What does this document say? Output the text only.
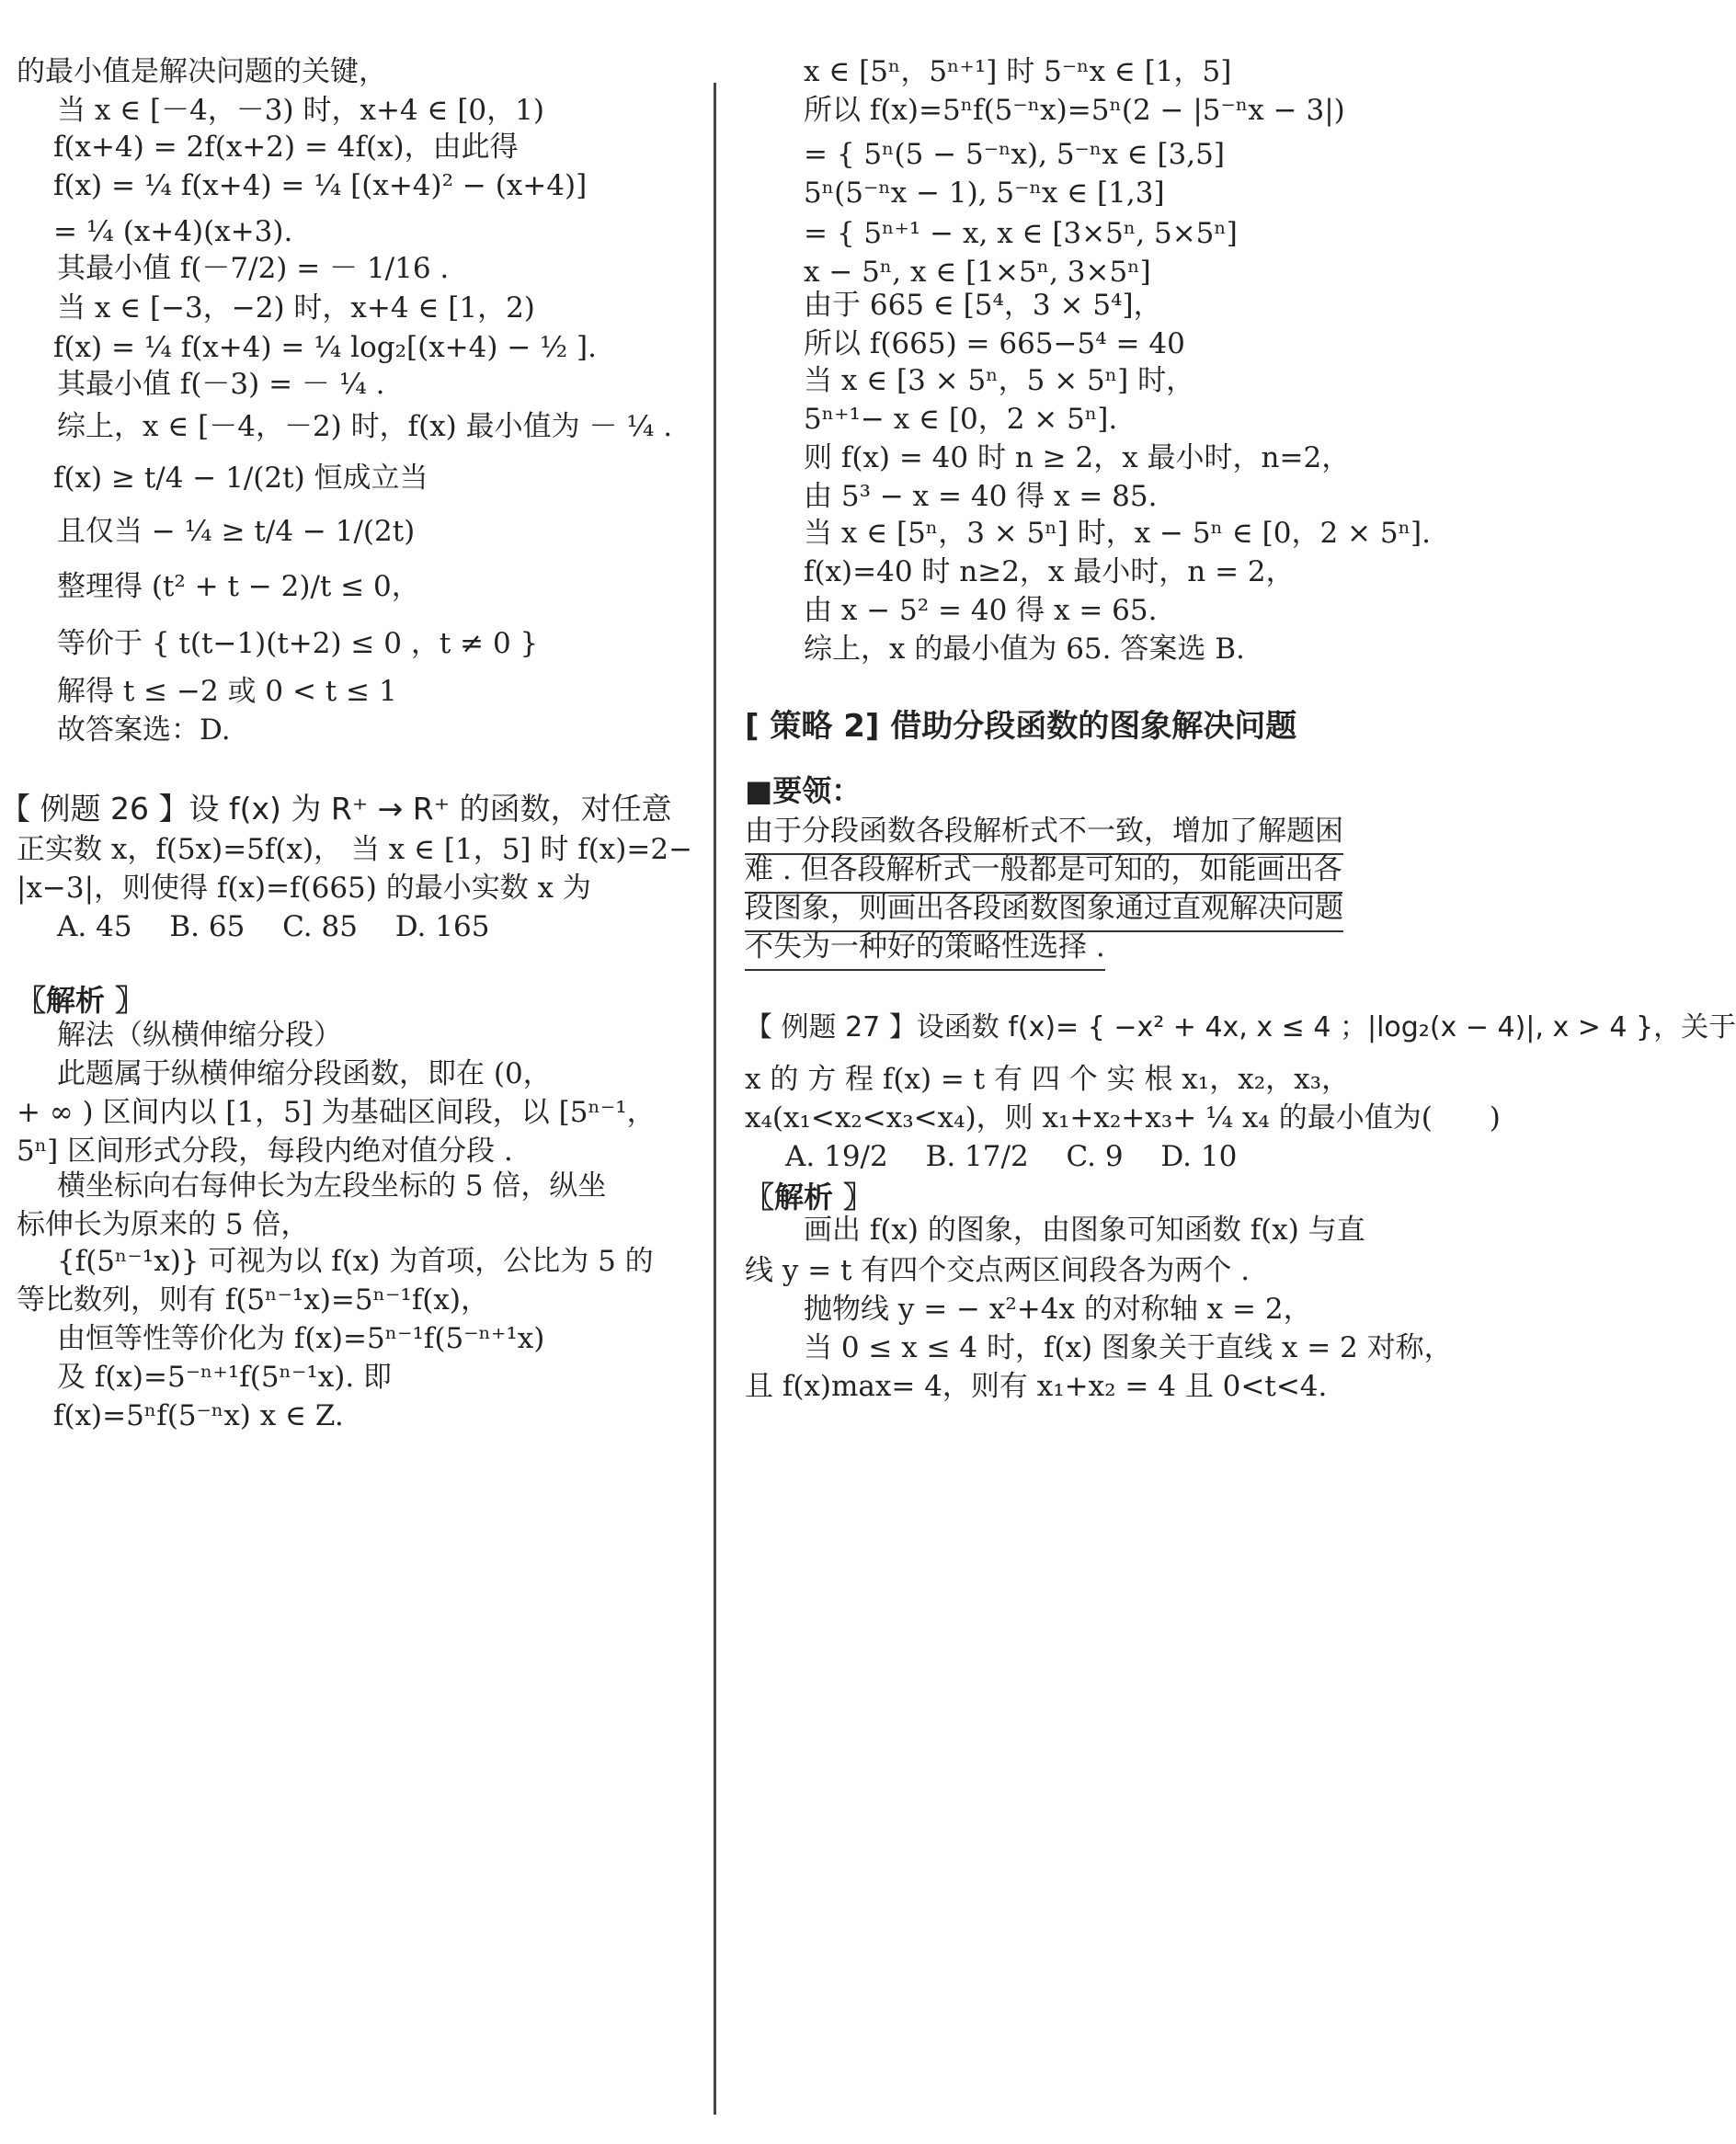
的最小值是解决问题的关键，
当 x ∈ [－4，－3) 时，x+4 ∈ [0，1)
f(x+4) = 2f(x+2) = 4f(x)，由此得
f(x) = ¼ f(x+4) = ¼ [(x+4)² − (x+4)]
= ¼ (x+4)(x+3).
其最小值 f(－7/2) = － 1/16 .
当 x ∈ [−3，−2) 时，x+4 ∈ [1，2)
f(x) = ¼ f(x+4) = ¼ log₂[(x+4) − ½ ].
其最小值 f(－3) = － ¼ .
综上，x ∈ [－4，－2) 时，f(x) 最小值为 － ¼ .
f(x) ≥ t/4 − 1/(2t) 恒成立当
且仅当 − ¼ ≥ t/4 − 1/(2t)
整理得 (t² + t − 2)/t ≤ 0，
等价于 { t(t−1)(t+2) ≤ 0 ，t ≠ 0 }
解得 t ≤ −2 或 0 < t ≤ 1
故答案选：D.
【 例题 26 】设 f(x) 为 R⁺ → R⁺ 的函数，对任意
正实数 x，f(5x)=5f(x)， 当 x ∈ [1，5] 时 f(x)=2−
|x−3|，则使得 f(x)=f(665) 的最小实数 x 为
A. 45　 B. 65　 C. 85　 D. 165
〖解析 〗
解法（纵横伸缩分段）
此题属于纵横伸缩分段函数，即在 (0，
+ ∞ ) 区间内以 [1，5] 为基础区间段，以 [5ⁿ⁻¹，
5ⁿ] 区间形式分段，每段内绝对值分段 .
横坐标向右每伸长为左段坐标的 5 倍，纵坐
标伸长为原来的 5 倍，
{f(5ⁿ⁻¹x)} 可视为以 f(x) 为首项，公比为 5 的
等比数列，则有 f(5ⁿ⁻¹x)=5ⁿ⁻¹f(x)，
由恒等性等价化为 f(x)=5ⁿ⁻¹f(5⁻ⁿ⁺¹x)
及 f(x)=5⁻ⁿ⁺¹f(5ⁿ⁻¹x). 即
f(x)=5ⁿf(5⁻ⁿx) x ∈ Z.
x ∈ [5ⁿ，5ⁿ⁺¹] 时 5⁻ⁿx ∈ [1，5]
所以 f(x)=5ⁿf(5⁻ⁿx)=5ⁿ(2 − |5⁻ⁿx − 3|)
= { 5ⁿ(5 − 5⁻ⁿx), 5⁻ⁿx ∈ [3,5]
5ⁿ(5⁻ⁿx − 1), 5⁻ⁿx ∈ [1,3]
= { 5ⁿ⁺¹ − x, x ∈ [3×5ⁿ, 5×5ⁿ]
x − 5ⁿ, x ∈ [1×5ⁿ, 3×5ⁿ]
由于 665 ∈ [5⁴，3 × 5⁴]，
所以 f(665) = 665−5⁴ = 40
当 x ∈ [3 × 5ⁿ，5 × 5ⁿ] 时，
5ⁿ⁺¹− x ∈ [0，2 × 5ⁿ].
则 f(x) = 40 时 n ≥ 2，x 最小时，n=2，
由 5³ − x = 40 得 x = 85.
当 x ∈ [5ⁿ，3 × 5ⁿ] 时，x − 5ⁿ ∈ [0，2 × 5ⁿ].
f(x)=40 时 n≥2，x 最小时，n = 2，
由 x − 5² = 40 得 x = 65.
综上，x 的最小值为 65. 答案选 B.
[ 策略 2] 借助分段函数的图象解决问题
■要领：
由于分段函数各段解析式不一致，增加了解题困
难 . 但各段解析式一般都是可知的，如能画出各
段图象，则画出各段函数图象通过直观解决问题
不失为一种好的策略性选择 .
【 例题 27 】设函数 f(x)= { −x² + 4x, x ≤ 4 ；|log₂(x − 4)|, x > 4 }，关于
x 的 方 程 f(x) = t 有 四 个 实 根 x₁，x₂，x₃，
x₄(x₁<x₂<x₃<x₄)，则 x₁+x₂+x₃+ ¼ x₄ 的最小值为(　　)
A. 19/2　 B. 17/2　 C. 9　 D. 10
〖解析 〗
画出 f(x) 的图象，由图象可知函数 f(x) 与直
线 y = t 有四个交点两区间段各为两个 .
抛物线 y = − x²+4x 的对称轴 x = 2，
当 0 ≤ x ≤ 4 时，f(x) 图象关于直线 x = 2 对称，
且 f(x)max= 4，则有 x₁+x₂ = 4 且 0<t<4.
